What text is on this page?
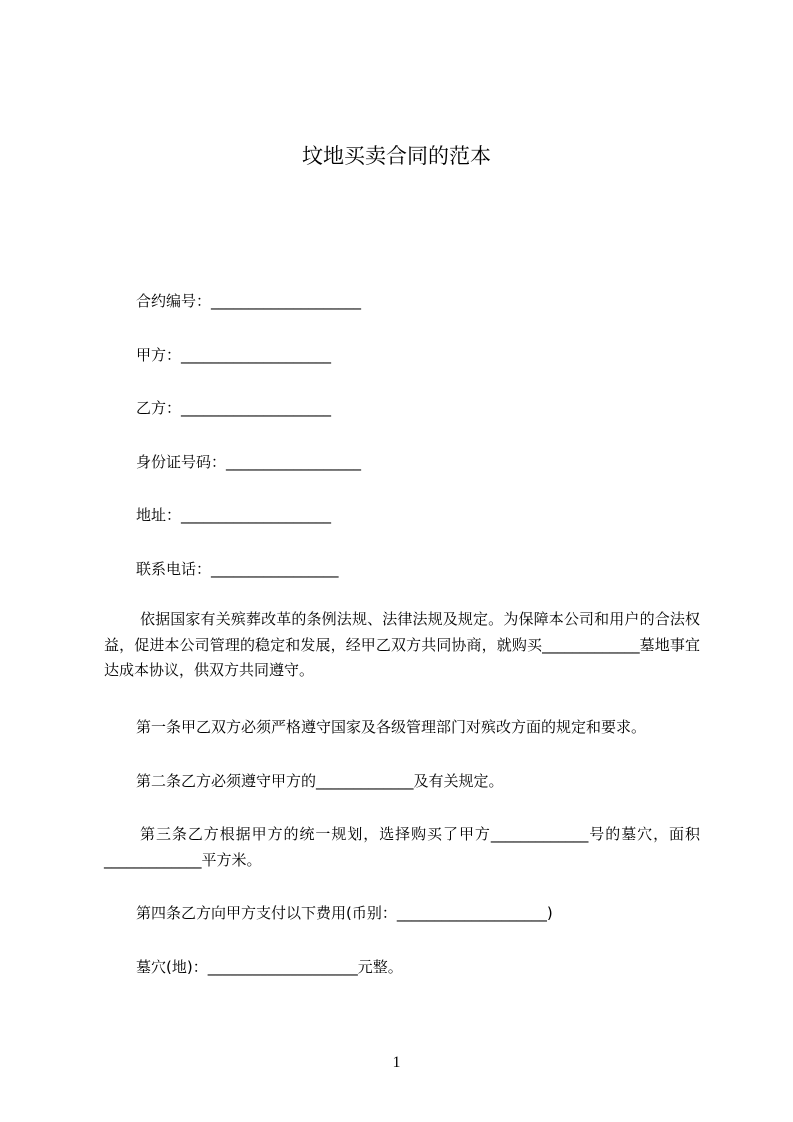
坟地买卖合同的范本
合约编号：____________________
甲方：____________________
乙方：____________________
身份证号码：__________________
地址：____________________
联系电话：_________________
依据国家有关殡葬改革的条例法规、法律法规及规定。为保障本公司和用户的合法权益，促进本公司管理的稳定和发展，经甲乙双方共同协商，就购买_____________墓地事宜达成本协议，供双方共同遵守。
第一条甲乙双方必须严格遵守国家及各级管理部门对殡改方面的规定和要求。
第二条乙方必须遵守甲方的_____________及有关规定。
第三条乙方根据甲方的统一规划，选择购买了甲方_____________号的墓穴，面积_____________平方米。
第四条乙方向甲方支付以下费用(币别：____________________)
墓穴(地)：____________________元整。
1
